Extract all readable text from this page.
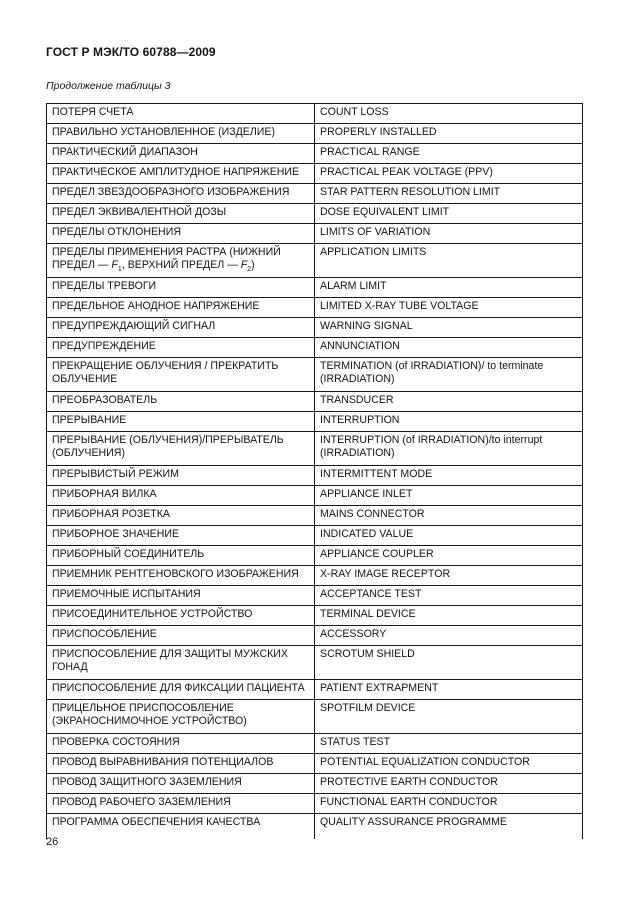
ГОСТ Р МЭК/ТО 60788—2009
Продолжение таблицы 3
ПОТЕРЯ СЧЕТА	COUNT LOSS
ПРАВИЛЬНО УСТАНОВЛЕННОЕ (ИЗДЕЛИЕ)	PROPERLY INSTALLED
ПРАКТИЧЕСКИЙ ДИАПАЗОН	PRACTICAL RANGE
ПРАКТИЧЕСКОЕ АМПЛИТУДНОЕ НАПРЯЖЕНИЕ	PRACTICAL PEAK VOLTAGE (PPV)
ПРЕДЕЛ ЗВЕЗДООБРАЗНОГО ИЗОБРАЖЕНИЯ	STAR PATTERN RESOLUTION LIMIT
ПРЕДЕЛ ЭКВИВАЛЕНТНОЙ ДОЗЫ	DOSE EQUIVALENT LIMIT
ПРЕДЕЛЫ ОТКЛОНЕНИЯ	LIMITS OF VARIATION
ПРЕДЕЛЫ ПРИМЕНЕНИЯ РАСТРА (НИЖНИЙ ПРЕДЕЛ — $F_1$, ВЕРХНИЙ ПРЕДЕЛ — $F_2$)	APPLICATION LIMITS
ПРЕДЕЛЫ ТРЕВОГИ	ALARM LIMIT
ПРЕДЕЛЬНОЕ АНОДНОЕ НАПРЯЖЕНИЕ	LIMITED X-RAY TUBE VOLTAGE
ПРЕДУПРЕЖДАЮЩИЙ СИГНАЛ	WARNING SIGNAL
ПРЕДУПРЕЖДЕНИЕ	ANNUNCIATION
ПРЕКРАЩЕНИЕ ОБЛУЧЕНИЯ / ПРЕКРАТИТЬ ОБЛУЧЕНИЕ	TERMINATION (of IRRADIATION)/ to terminate (IRRADIATION)
ПРЕОБРАЗОВАТЕЛЬ	TRANSDUCER
ПРЕРЫВАНИЕ	INTERRUPTION
ПРЕРЫВАНИЕ (ОБЛУЧЕНИЯ)/ПРЕРЫВАТЕЛЬ (ОБЛУЧЕНИЯ)	INTERRUPTION (of IRRADIATION)/to interrupt (IRRADIATION)
ПРЕРЫВИСТЫЙ РЕЖИМ	INTERMITTENT MODE
ПРИБОРНАЯ ВИЛКА	APPLIANCE INLET
ПРИБОРНАЯ РОЗЕТКА	MAINS CONNECTOR
ПРИБОРНОЕ ЗНАЧЕНИЕ	INDICATED VALUE
ПРИБОРНЫЙ СОЕДИНИТЕЛЬ	APPLIANCE COUPLER
ПРИЕМНИК РЕНТГЕНОВСКОГО ИЗОБРАЖЕНИЯ	X-RAY IMAGE RECEPTOR
ПРИЕМОЧНЫЕ ИСПЫТАНИЯ	ACCEPTANCE TEST
ПРИСОЕДИНИТЕЛЬНОЕ УСТРОЙСТВО	TERMINAL DEVICE
ПРИСПОСОБЛЕНИЕ	ACCESSORY
ПРИСПОСОБЛЕНИЕ ДЛЯ ЗАЩИТЫ МУЖСКИХ ГОНАД	SCROTUM SHIELD
ПРИСПОСОБЛЕНИЕ ДЛЯ ФИКСАЦИИ ПАЦИЕНТА	PATIENT EXTRAPMENT
ПРИЦЕЛЬНОЕ ПРИСПОСОБЛЕНИЕ (ЭКРАНОСНИМОЧНОЕ УСТРОЙСТВО)	SPOTFILM DEVICE
ПРОВЕРКА СОСТОЯНИЯ	STATUS TEST
ПРОВОД ВЫРАВНИВАНИЯ ПОТЕНЦИАЛОВ	POTENTIAL EQUALIZATION CONDUCTOR
ПРОВОД ЗАЩИТНОГО ЗАЗЕМЛЕНИЯ	PROTECTIVE EARTH CONDUCTOR
ПРОВОД РАБОЧЕГО ЗАЗЕМЛЕНИЯ	FUNCTIONAL EARTH CONDUCTOR
ПРОГРАММА ОБЕСПЕЧЕНИЯ КАЧЕСТВА	QUALITY ASSURANCE PROGRAMME
26
